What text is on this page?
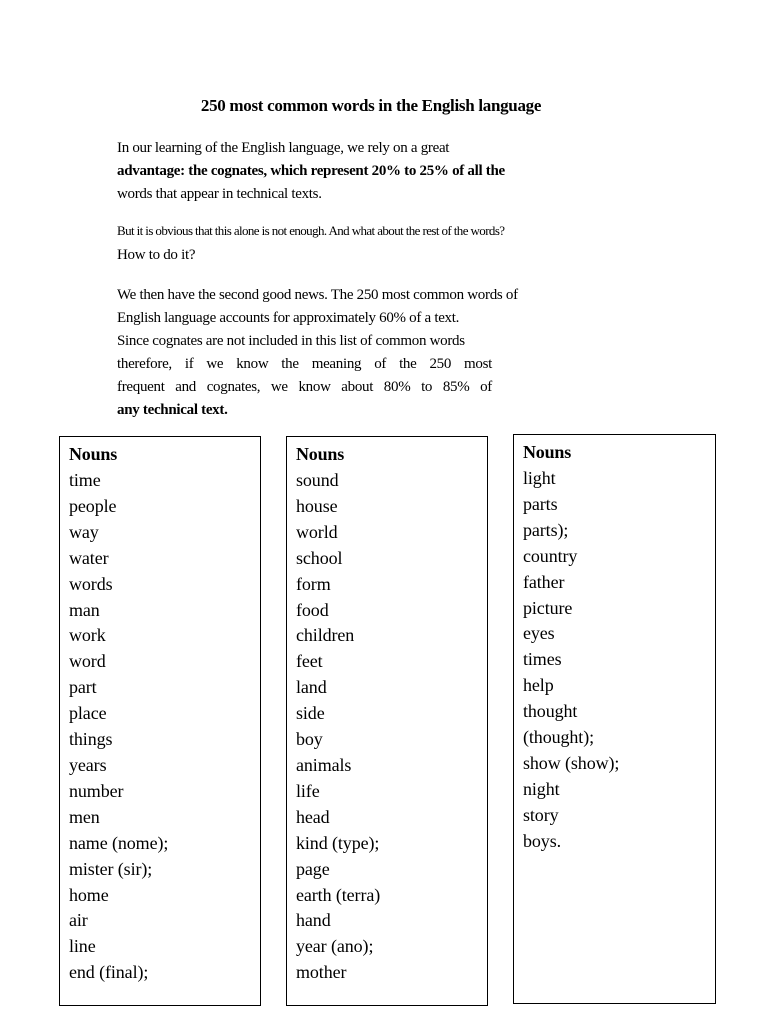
250 most common words in the English language

In our learning of the English language, we rely on a great
advantage: the cognates, which represent 20% to 25% of all the
words that appear in technical texts.

But it is obvious that this alone is not enough. And what about the rest of the words?

How to do it?

We then have the second good news. The 250 most common words of
English language accounts for approximately 60% of a text.
Since cognates are not included in this list of common words
therefore, if we know the meaning of the 250 most
frequent and cognates, we know about 80% to 85% of
any technical text.
Nouns
time
people
way
water
words
man
work
word
part
place
things
years
number
men
name (nome);
mister (sir);
home
air
line
end (final);
Nouns
sound
house
world
school
form
food
children
feet
land
side
boy
animals
life
head
kind (type);
page
earth (terra)
hand
year (ano);
mother
Nouns
light
parts
parts);
country
father
picture
eyes
times
help
thought
(thought);
show (show);
night
story
boys.
